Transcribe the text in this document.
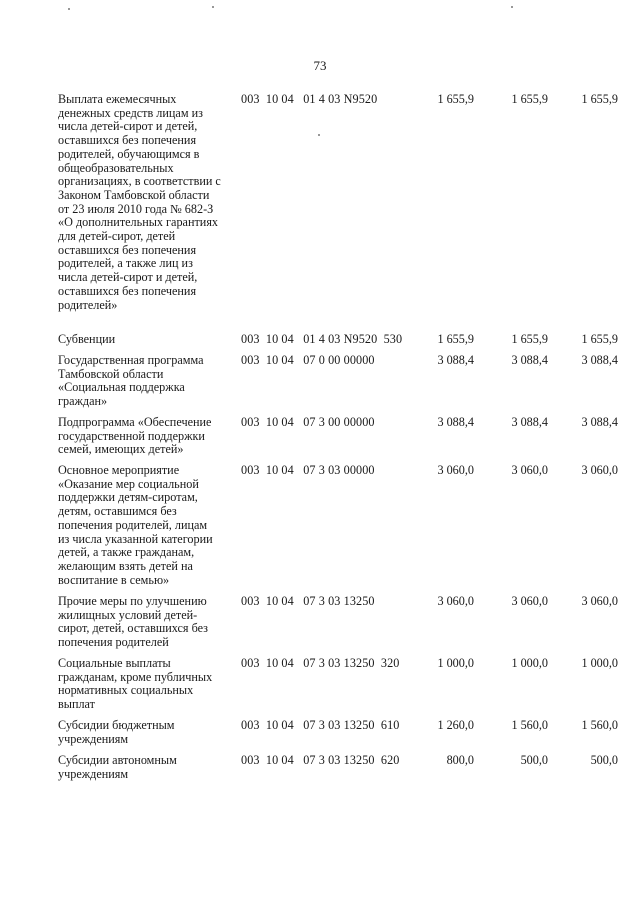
73
Выплата ежемесячных
денежных средств лицам из
числа детей-сирот и детей,
оставшихся без попечения
родителей, обучающимся в
общеобразовательных
организациях, в соответствии с
Законом Тамбовской области
от 23 июля 2010 года № 682-З
«О дополнительных гарантиях
для детей-сирот, детей
оставшихся без попечения
родителей, а также лиц из
числа детей-сирот и детей,
оставшихся без попечения
родителей»
003  10 04   01 4 03 N9520	1 655,9	1 655,9	1 655,9
Субвенции	003  10 04   01 4 03 N9520  530	1 655,9	1 655,9	1 655,9
Государственная программа
Тамбовской области
«Социальная поддержка
граждан»
003  10 04   07 0 00 00000	3 088,4	3 088,4	3 088,4
Подпрограмма «Обеспечение
государственной поддержки
семей, имеющих детей»
003  10 04   07 3 00 00000	3 088,4	3 088,4	3 088,4
Основное мероприятие
«Оказание мер социальной
поддержки детям-сиротам,
детям, оставшимся без
попечения родителей, лицам
из числа указанной категории
детей, а также гражданам,
желающим взять детей на
воспитание в семью»
003  10 04   07 3 03 00000	3 060,0	3 060,0	3 060,0
Прочие меры по улучшению
жилищных условий детей-
сирот, детей, оставшихся без
попечения родителей
003  10 04   07 3 03 13250	3 060,0	3 060,0	3 060,0
Социальные выплаты
гражданам, кроме публичных
нормативных социальных
выплат
003  10 04   07 3 03 13250  320	1 000,0	1 000,0	1 000,0
Субсидии бюджетным
учреждениям
003  10 04   07 3 03 13250  610	1 260,0	1 560,0	1 560,0
Субсидии автономным
учреждениям
003  10 04   07 3 03 13250  620	800,0	500,0	500,0
